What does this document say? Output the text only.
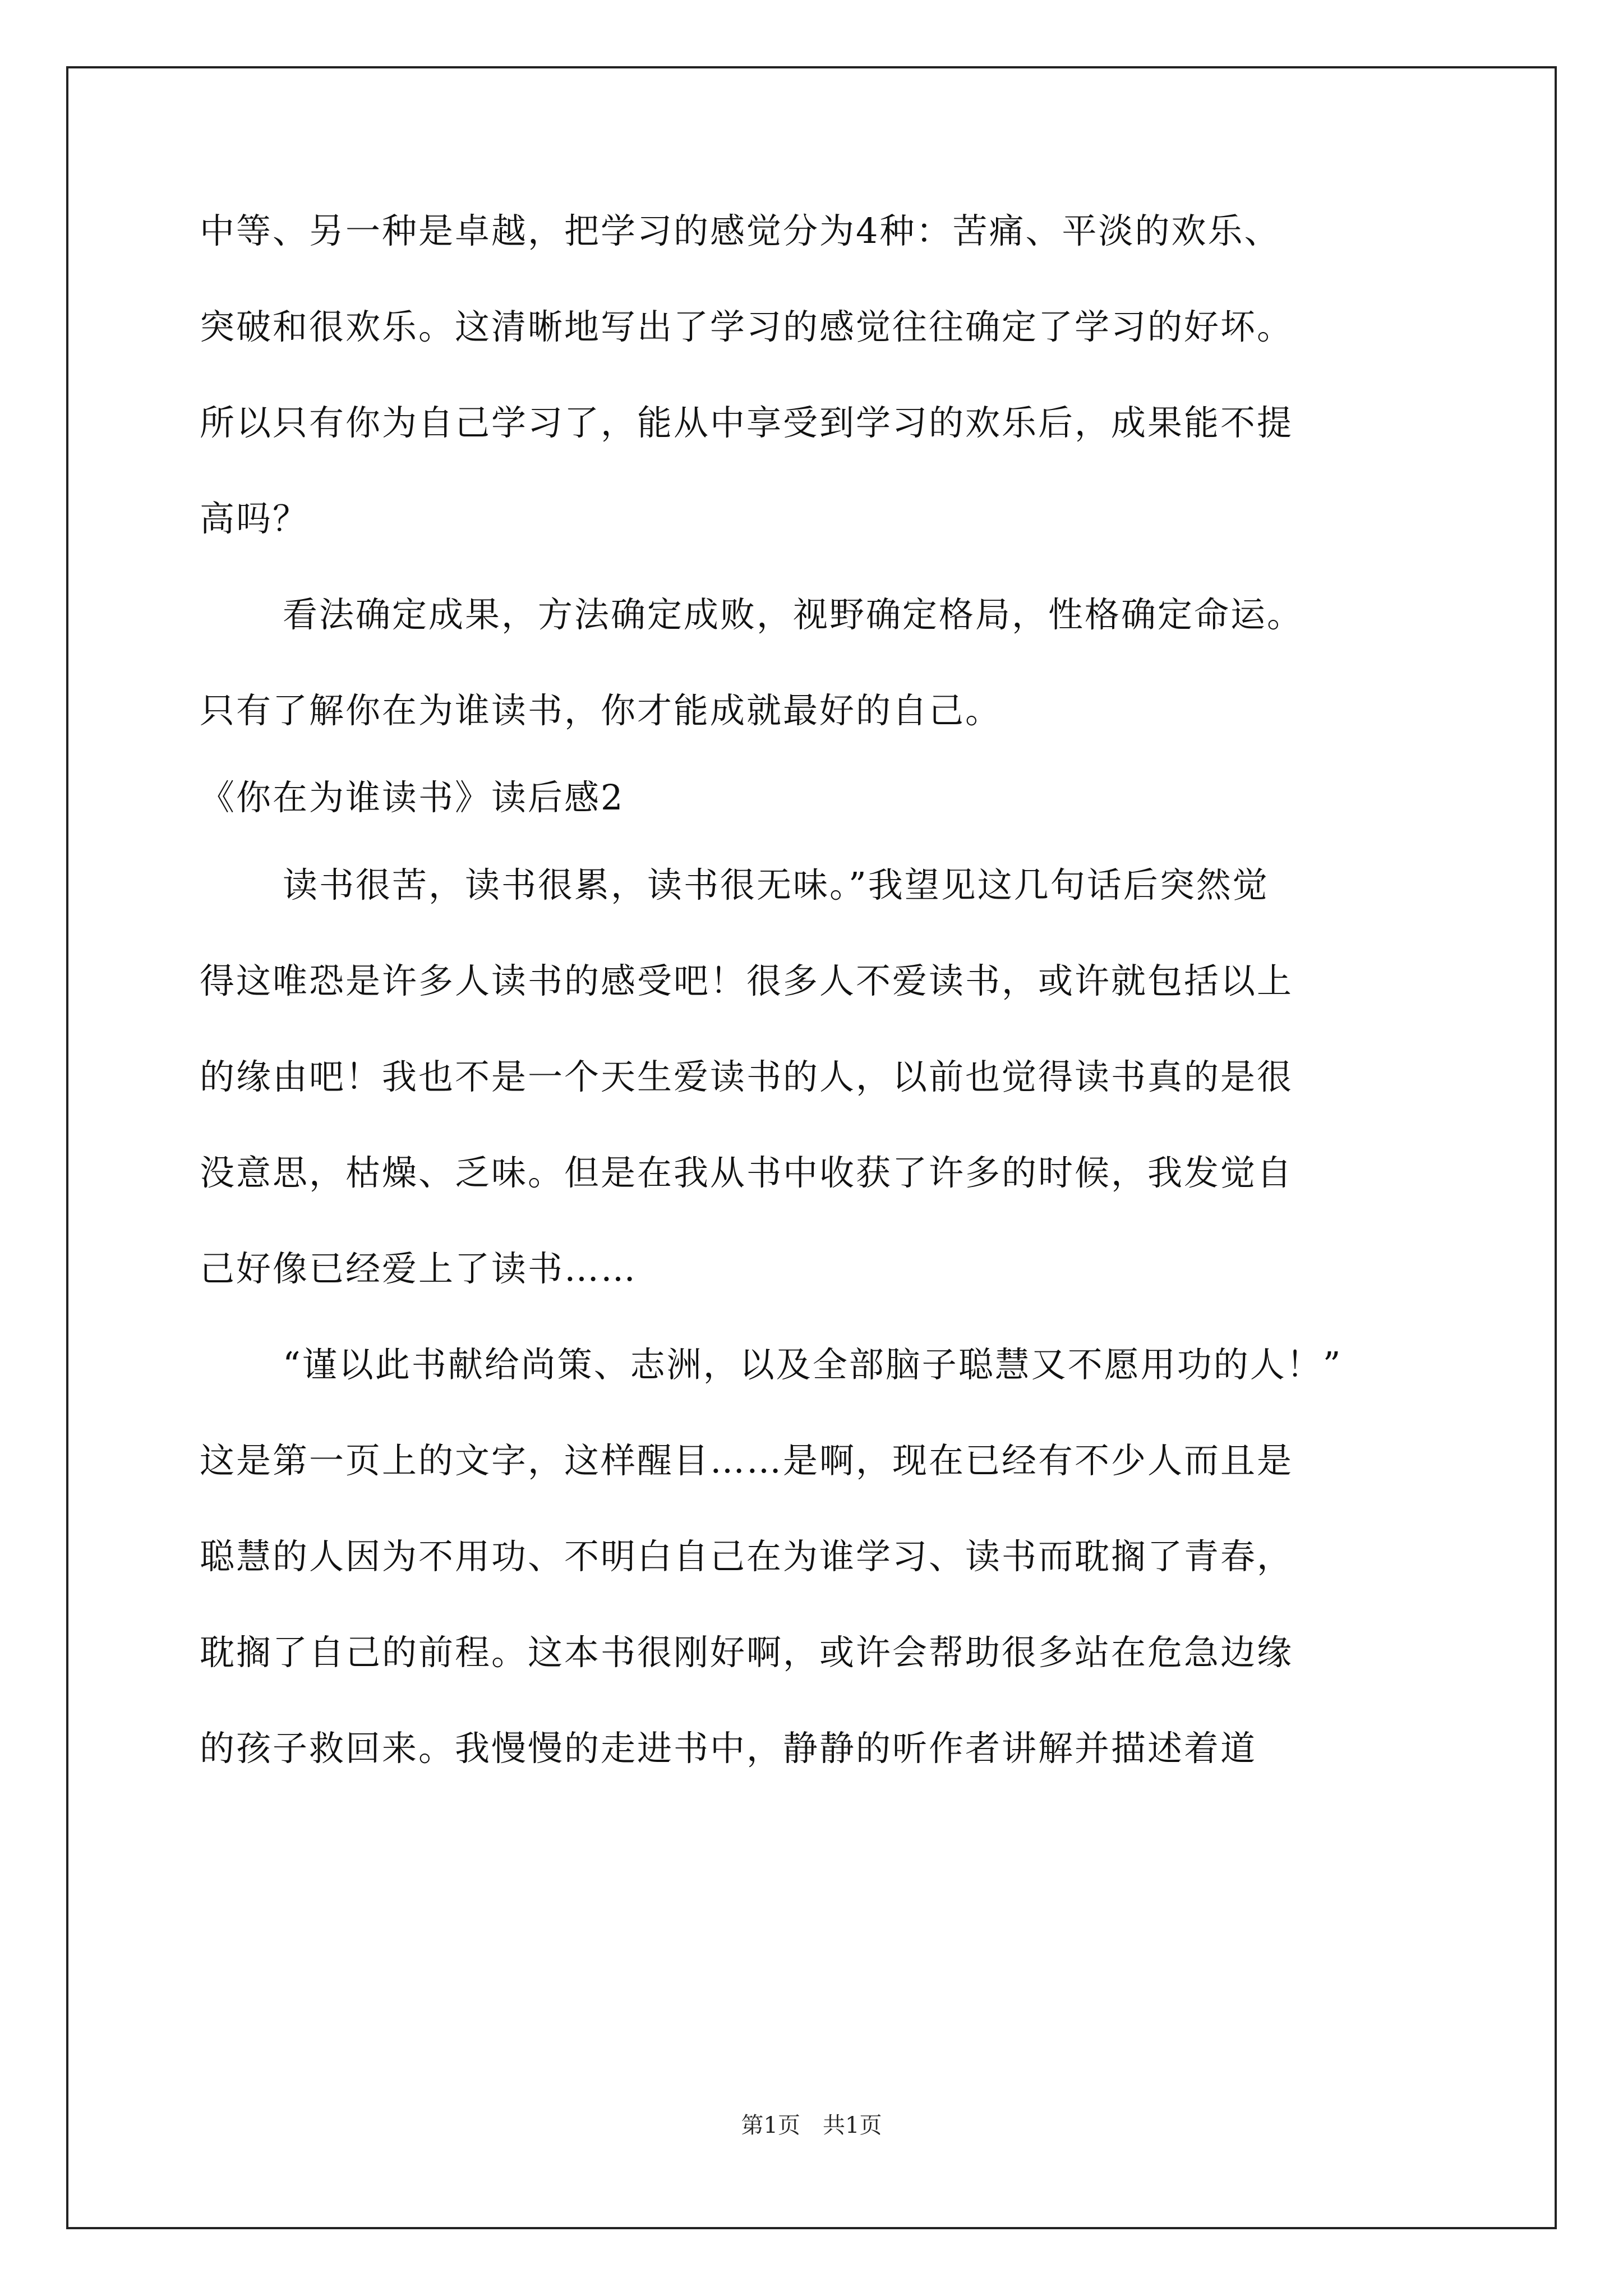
中等、另一种是卓越，把学习的感觉分为4种：苦痛、平淡的欢乐、
突破和很欢乐。这清晰地写出了学习的感觉往往确定了学习的好坏。
所以只有你为自己学习了，能从中享受到学习的欢乐后，成果能不提
高吗？
看法确定成果，方法确定成败，视野确定格局，性格确定命运。
只有了解你在为谁读书，你才能成就最好的自己。
《你在为谁读书》读后感2
读书很苦，读书很累，读书很无味。”我望见这几句话后突然觉
得这唯恐是许多人读书的感受吧！很多人不爱读书，或许就包括以上
的缘由吧！我也不是一个天生爱读书的人，以前也觉得读书真的是很
没意思，枯燥、乏味。但是在我从书中收获了许多的时候，我发觉自
己好像已经爱上了读书……
“谨以此书献给尚策、志洲，以及全部脑子聪慧又不愿用功的人！”
这是第一页上的文字，这样醒目……是啊，现在已经有不少人而且是
聪慧的人因为不用功、不明白自己在为谁学习、读书而耽搁了青春，
耽搁了自己的前程。这本书很刚好啊，或许会帮助很多站在危急边缘
的孩子救回来。我慢慢的走进书中，静静的听作者讲解并描述着道
第1页　共1页
